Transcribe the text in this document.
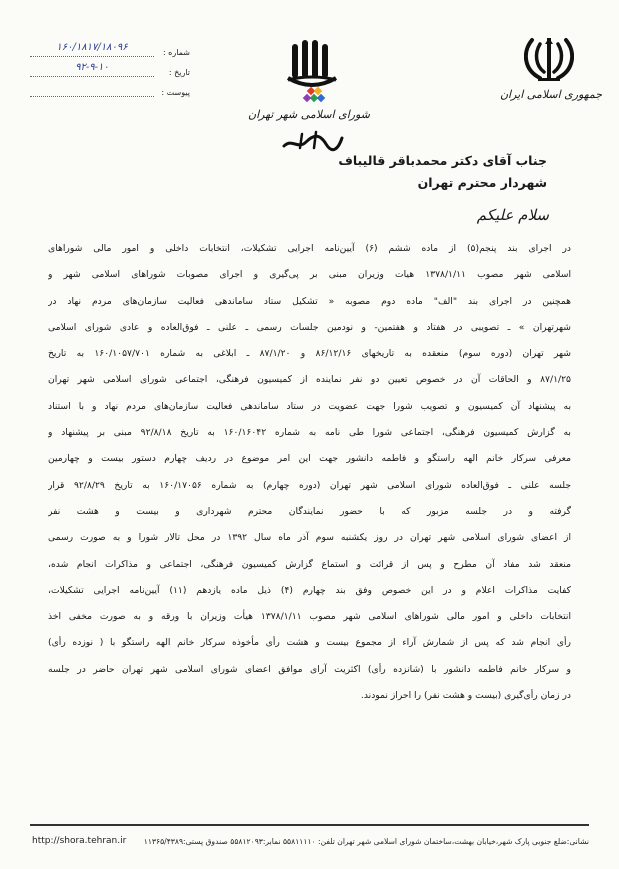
جمهوری اسلامی ایران
شورای اسلامی شهر تهران
شماره :
۱۶۰/۱۸۱۷/۱۸۰۹۶
تاریخ :
۹۲-۹-۱۰
پیوست :
جناب آقای دکتر محمدباقر قالیباف
شهردار محترم تهران
سلام علیکم
در اجرای بند پنجم(۵) از ماده ششم (۶) آیین‌نامه اجرایی تشکیلات، انتخابات داخلی و امور مالی شوراهای
اسلامی شهر مصوب ۱۳۷۸/۱/۱۱ هیات وزیران مبنی بر پی‌گیری و اجرای مصوبات شوراهای اسلامی شهر و
همچنین در اجرای بند "الف" ماده دوم مصوبه « تشکیل ستاد ساماندهی فعالیت سازمان‌های مردم نهاد در
شهرتهران » ـ تصویبی در هفتاد و هفتمین- و نودمین جلسات رسمی ـ علنی ـ فوق‌العاده و عادی شورای اسلامی
شهر تهران (دوره سوم) منعقده به تاریخهای ۸۶/۱۲/۱۶ و ۸۷/۱/۲۰ ـ ابلاغی به شماره ۱۶۰/۱۰۵۷/۷۰۱ به تاریخ
۸۷/۱/۲۵ و الحاقات آن در خصوص تعیین دو نفر نماینده از کمیسیون فرهنگی، اجتماعی شورای اسلامی شهر تهران
به پیشنهاد آن کمیسیون و تصویب شورا جهت عضویت در ستاد ساماندهی فعالیت سازمان‌های مردم نهاد و با استناد
به گزارش کمیسیون فرهنگی، اجتماعی شورا طی نامه به شماره ۱۶۰/۱۶۰۴۲ به تاریخ ۹۲/۸/۱۸ مبنی بر پیشنهاد و
معرفی سرکار خانم الهه راستگو و فاطمه دانشور جهت این امر موضوع در ردیف چهارم دستور بیست و چهارمین
جلسه علنی ـ فوق‌العاده شورای اسلامی شهر تهران (دوره چهارم) به شماره ۱۶۰/۱۷۰۵۶ به تاریخ ۹۲/۸/۲۹ قرار
گرفته و در جلسه مزبور که با حضور نمایندگان محترم شهرداری و بیست و هشت نفر
از اعضای شورای اسلامی شهر تهران در روز یکشنبه سوم آذر ماه سال ۱۳۹۲ در محل تالار شورا و به صورت رسمی
منعقد شد مفاد آن مطرح و پس از قرائت و استماع گزارش کمیسیون فرهنگی، اجتماعی و مذاکرات انجام شده،
کفایت مذاکرات اعلام و در این خصوص وفق بند چهارم (۴) ذیل ماده یازدهم (۱۱) آیین‌نامه اجرایی تشکیلات،
انتخابات داخلی و امور مالی شوراهای اسلامی شهر مصوب ۱۳۷۸/۱/۱۱ هیأت وزیران با ورقه و به صورت مخفی اخذ
رأی انجام شد که پس از شمارش آراء از مجموع بیست و هشت رأی مأخوذه سرکار خانم الهه راستگو با ( نوزده رأی)
و سرکار خانم فاطمه دانشور با (شانزده رأی) اکثریت آرای موافق اعضای شورای اسلامی شهر تهران حاضر در جلسه
در زمان رأی‌گیری (بیست و هشت نفر) را احراز نمودند.
نشانی:ضلع جنوبی پارک شهر،خیابان بهشت،ساختمان شورای اسلامی شهر تهران تلفن: ۵۵۸۱۱۱۱۰ نمابر:۵۵۸۱۲۰۹۳ صندوق پستی:۱۱۳۶۵/۴۳۸۹
http://shora.tehran.ir
